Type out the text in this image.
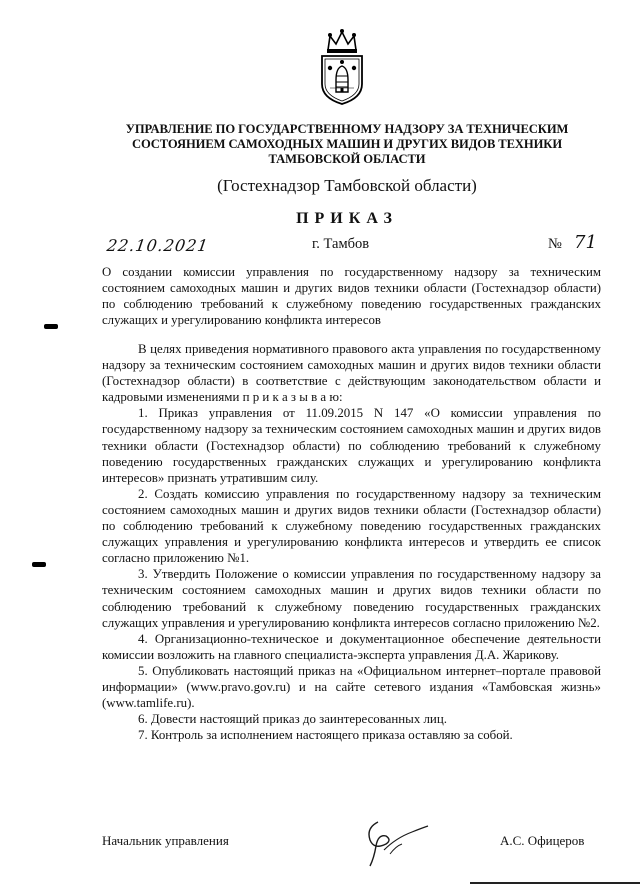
УПРАВЛЕНИЕ ПО ГОСУДАРСТВЕННОМУ НАДЗОРУ ЗА ТЕХНИЧЕСКИМ
СОСТОЯНИЕМ САМОХОДНЫХ МАШИН И ДРУГИХ ВИДОВ ТЕХНИКИ
ТАМБОВСКОЙ ОБЛАСТИ
(Гостехнадзор Тамбовской области)
ПРИКАЗ
22.10.2021	г. Тамбов	№ 71
О создании комиссии управления по государственному надзору за техническим состоянием самоходных машин и других видов техники области (Гостехнадзор области) по соблюдению требований к служебному поведению государственных гражданских служащих и урегулированию конфликта интересов

В целях приведения нормативного правового акта управления по государственному надзору за техническим состоянием самоходных машин и других видов техники области (Гостехнадзор области) в соответствие с действующим законодательством области и кадровыми изменениями п р и к а з ы в а ю:

1. Приказ управления от 11.09.2015 N 147 «О комиссии управления по государственному надзору за техническим состоянием самоходных машин и других видов техники области (Гостехнадзор области) по соблюдению требований к служебному поведению государственных гражданских служащих и урегулированию конфликта интересов» признать утратившим силу.

2. Создать комиссию управления по государственному надзору за техническим состоянием самоходных машин и других видов техники области (Гостехнадзор области) по соблюдению требований к служебному поведению государственных гражданских служащих управления и урегулированию конфликта интересов и утвердить ее список согласно приложению №1.

3. Утвердить Положение о комиссии управления по государственному надзору за техническим состоянием самоходных машин и других видов техники области по соблюдению требований к служебному поведению государственных гражданских служащих управления и урегулированию конфликта интересов согласно приложению №2.

4. Организационно-техническое и документационное обеспечение деятельности комиссии возложить на главного специалиста-эксперта управления Д.А. Жарикову.

5. Опубликовать настоящий приказ на «Официальном интернет–портале правовой информации» (www.pravo.gov.ru) и на сайте сетевого издания «Тамбовская жизнь» (www.tamlife.ru).

6. Довести настоящий приказ до заинтересованных лиц.

7. Контроль за исполнением настоящего приказа оставляю за собой.

Начальник управления	А.С. Офицеров
